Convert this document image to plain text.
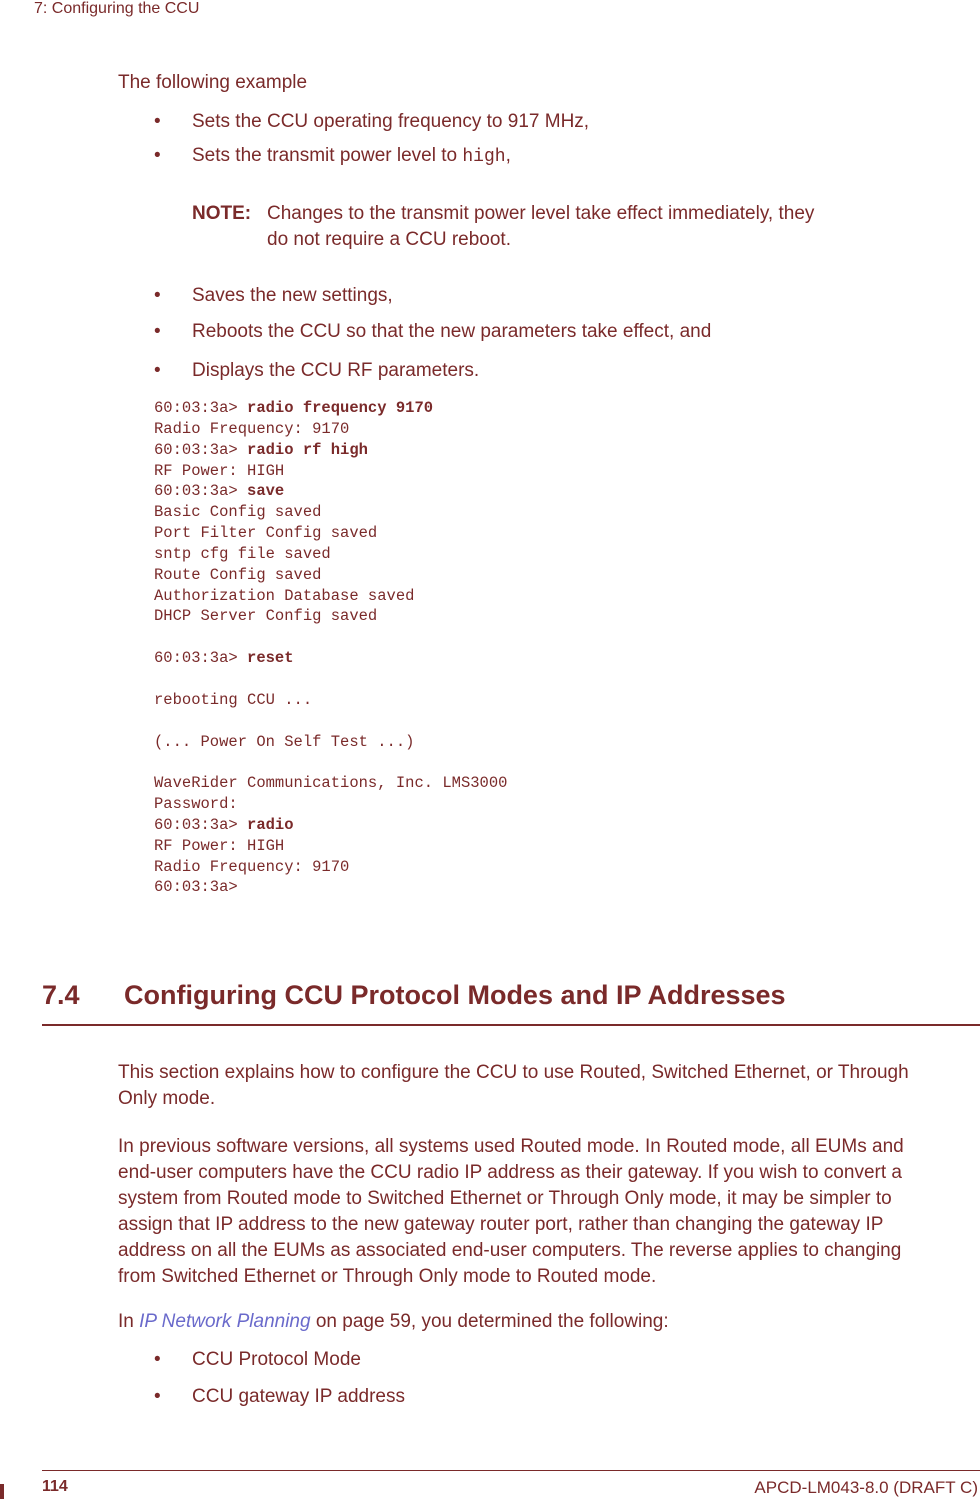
7: Configuring the CCU
The following example
• Sets the CCU operating frequency to 917 MHz,
• Sets the transmit power level to high,
NOTE: Changes to the transmit power level take effect immediately, they
do not require a CCU reboot.
• Saves the new settings,
• Reboots the CCU so that the new parameters take effect, and
• Displays the CCU RF parameters.
60:03:3a> radio frequency 9170
Radio Frequency: 9170
60:03:3a> radio rf high
RF Power: HIGH
60:03:3a> save
Basic Config saved
Port Filter Config saved
sntp cfg file saved
Route Config saved
Authorization Database saved
DHCP Server Config saved

60:03:3a> reset

rebooting CCU ...

(... Power On Self Test ...)

WaveRider Communications, Inc. LMS3000
Password:
60:03:3a> radio
RF Power: HIGH
Radio Frequency: 9170
60:03:3a>
7.4 Configuring CCU Protocol Modes and IP Addresses
This section explains how to configure the CCU to use Routed, Switched Ethernet, or Through
Only mode.
In previous software versions, all systems used Routed mode. In Routed mode, all EUMs and
end-user computers have the CCU radio IP address as their gateway. If you wish to convert a
system from Routed mode to Switched Ethernet or Through Only mode, it may be simpler to
assign that IP address to the new gateway router port, rather than changing the gateway IP
address on all the EUMs as associated end-user computers. The reverse applies to changing
from Switched Ethernet or Through Only mode to Routed mode.
In IP Network Planning on page 59, you determined the following:
• CCU Protocol Mode
• CCU gateway IP address
114	APCD-LM043-8.0 (DRAFT C)
